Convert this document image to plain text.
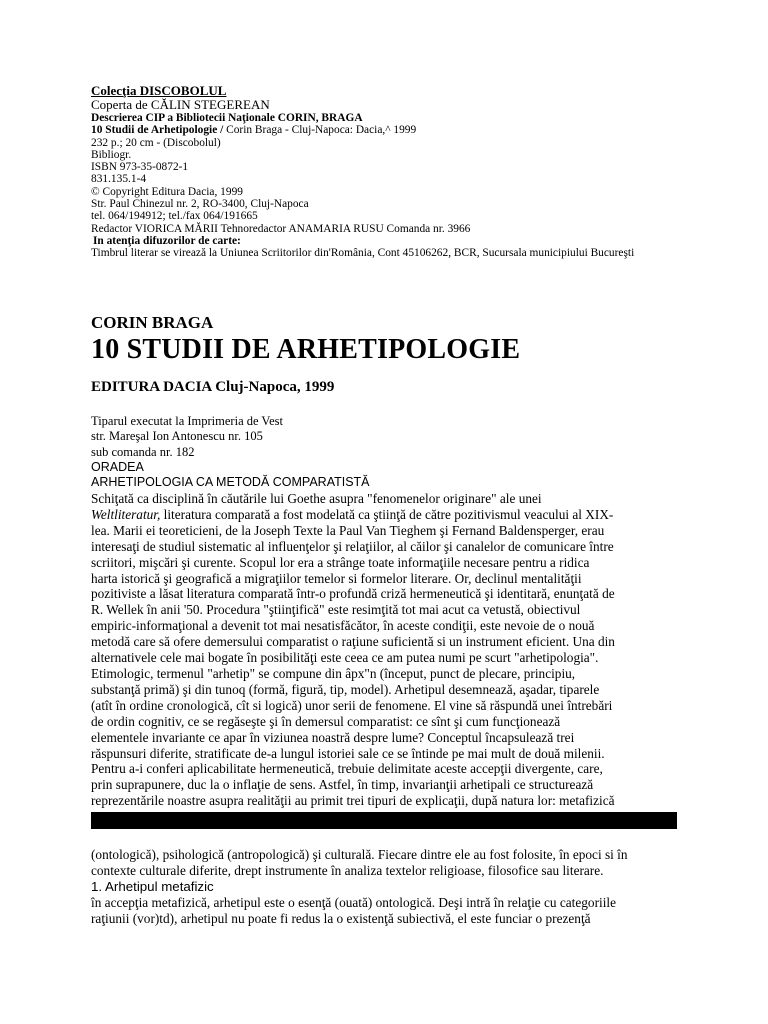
Colecţia DISCOBOLUL
Coperta de CĂLIN STEGEREAN
Descrierea CIP a Bibliotecii Naţionale CORIN, BRAGA
10 Studii de Arhetipologie / Corin Braga - Cluj-Napoca: Dacia,^ 1999
232 p.; 20 cm - (Discobolul)
Bibliogr.
ISBN 973-35-0872-1
831.135.1-4
© Copyright Editura Dacia, 1999
Str. Paul Chinezul nr. 2, RO-3400, Cluj-Napoca
tel. 064/194912; tel./fax 064/191665
Redactor VIORICA MĂRII Tehnoredactor ANAMARIA RUSU Comanda nr. 3966
In atenţia difuzorilor de carte:
Timbrul literar se virează la Uniunea Scriitorilor din'România, Cont 45106262, BCR, Sucursala municipiului Bucureşti
CORIN BRAGA
10 STUDII DE ARHETIPOLOGIE
EDITURA DACIA Cluj-Napoca, 1999
Tiparul executat la Imprimeria de Vest
str. Mareşal Ion Antonescu nr. 105
sub comanda nr. 182
ORADEA
ARHETIPOLOGIA CA METODĂ COMPARATISTĂ
Schiţată ca disciplină în căutările lui Goethe asupra "fenomenelor originare" ale unei
Weltliteratur, literatura comparată a fost modelată ca ştiinţă de către pozitivismul veacului al XIX-
lea. Marii ei teoreticieni, de la Joseph Texte la Paul Van Tieghem şi Fernand Baldensperger, erau
interesaţi de studiul sistematic al influenţelor şi relaţiilor, al căilor şi canalelor de comunicare între
scriitori, mişcări şi curente. Scopul lor era a strânge toate informaţiile necesare pentru a ridica
harta istorică şi geografică a migraţiilor temelor si formelor literare. Or, declinul mentalităţii
pozitiviste a lăsat literatura comparată într-o profundă criză hermeneutică şi identitară, enunţată de
R. Wellek în anii '50. Procedura "ştiinţifică" este resimţită tot mai acut ca vetustă, obiectivul
empiric-informaţional a devenit tot mai nesatisfăcător, în aceste condiţii, este nevoie de o nouă
metodă care să ofere demersului comparatist o raţiune suficientă si un instrument eficient. Una din
alternativele cele mai bogate în posibilităţi este ceea ce am putea numi pe scurt "arhetipologia".
Etimologic, termenul "arhetip" se compune din âpx"n (început, punct de plecare, principiu,
substanţă primă) şi din tunoq (formă, figură, tip, model). Arhetipul desemnează, aşadar, tiparele
(atît în ordine cronologică, cît si logică) unor serii de fenomene. El vine să răspundă unei întrebări
de ordin cognitiv, ce se regăseşte şi în demersul comparatist: ce sînt şi cum funcţionează
elementele invariante ce apar în viziunea noastră despre lume? Conceptul încapsulează trei
răspunsuri diferite, stratificate de-a lungul istoriei sale ce se întinde pe mai mult de două milenii.
Pentru a-i conferi aplicabilitate hermeneutică, trebuie delimitate aceste accepţii divergente, care,
prin suprapunere, duc la o inflaţie de sens. Astfel, în timp, invarianţii arhetipali ce structurează
reprezentările noastre asupra realităţii au primit trei tipuri de explicaţii, după natura lor: metafizică
(ontologică), psihologică (antropologică) şi culturală. Fiecare dintre ele au fost folosite, în epoci si în
contexte culturale diferite, drept instrumente în analiza textelor religioase, filosofice sau literare.
1. Arhetipul metafizic
în accepţia metafizică, arhetipul este o esenţă (ouată) ontologică. Deşi intră în relaţie cu categoriile
raţiunii (vor)td), arhetipul nu poate fi redus la o existenţă subiectivă, el este funciar o prezenţă
